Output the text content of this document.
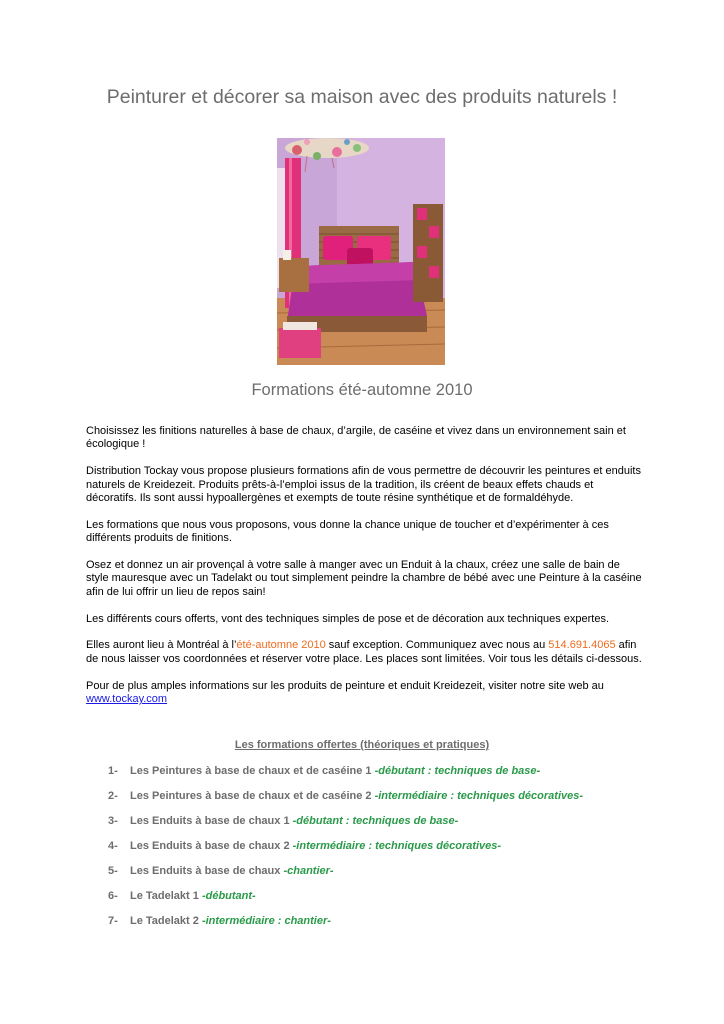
Peinturer et décorer sa maison avec des produits naturels !
Formations été-automne 2010

Choisissez les finitions naturelles à base de chaux, d’argile, de caséine et vivez dans un environnement sain et écologique !

Distribution Tockay vous propose plusieurs formations afin de vous permettre de découvrir les peintures et enduits naturels de Kreidezeit. Produits prêts-à-l’emploi issus de la tradition, ils créent de beaux effets chauds et décoratifs. Ils sont aussi hypoallergènes et exempts de toute résine synthétique et de formaldéhyde.

Les formations que nous vous proposons, vous donne la chance unique de toucher et d’expérimenter à ces différents produits de finitions.

Osez et donnez un air provençal à votre salle à manger avec un Enduit à la chaux, créez une salle de bain de style mauresque avec un Tadelakt ou tout simplement peindre la chambre de bébé avec une Peinture à la caséine afin de lui offrir un lieu de repos sain!

Les différents cours offerts, vont des techniques simples de pose et de décoration aux techniques expertes.

Elles auront lieu à Montréal à l’été-automne 2010 sauf exception. Communiquez avec nous au 514.691.4065 afin de nous laisser vos coordonnées et réserver votre place. Les places sont limitées. Voir tous les détails ci-dessous.

Pour de plus amples informations sur les produits de peinture et enduit Kreidezeit, visiter notre site web au www.tockay.com

Les formations offertes (théoriques et pratiques)
1- Les Peintures à base de chaux et de caséine 1 -débutant : techniques de base-
2- Les Peintures à base de chaux et de caséine 2 -intermédiaire : techniques décoratives-
3- Les Enduits à base de chaux 1 -débutant : techniques de base-
4- Les Enduits à base de chaux 2 -intermédiaire : techniques décoratives-
5- Les Enduits à base de chaux -chantier-
6- Le Tadelakt 1 -débutant-
7- Le Tadelakt 2 -intermédiaire : chantier-
